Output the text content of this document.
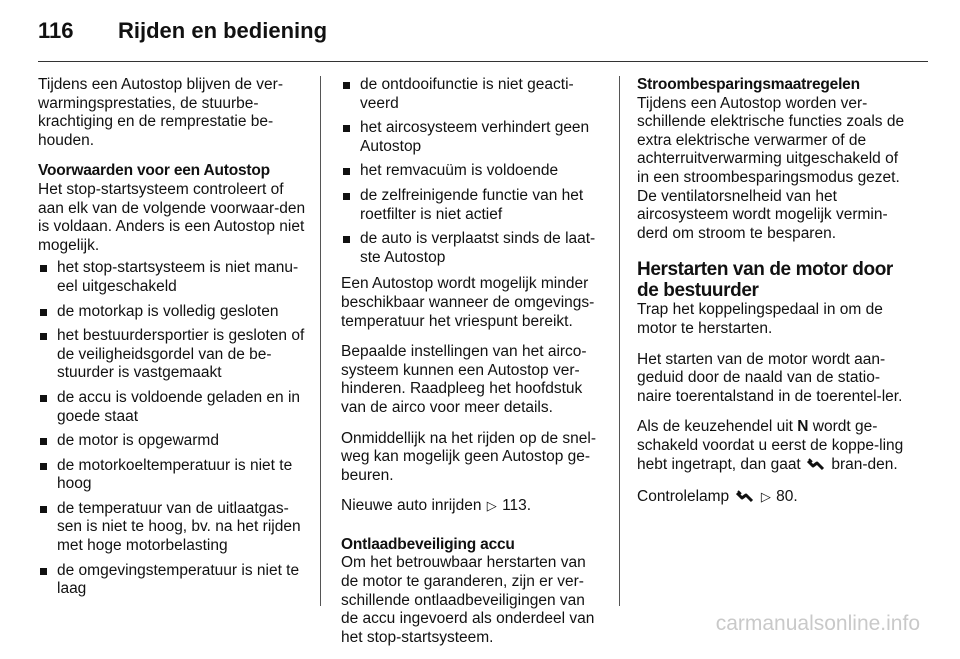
116	Rijden en bediening

Tijdens een Autostop blijven de ver-warmingsprestaties, de stuurbe-krachtiging en de remprestatie be-houden.

Voorwaarden voor een Autostop

Het stop-startsysteem controleert of aan elk van de volgende voorwaar-den is voldaan. Anders is een Autostop niet mogelijk.

het stop-startsysteem is niet manu-eel uitgeschakeld
de motorkap is volledig gesloten
het bestuurdersportier is gesloten of de veiligheidsgordel van de be-stuurder is vastgemaakt
de accu is voldoende geladen en in goede staat
de motor is opgewarmd
de motorkoeltemperatuur is niet te hoog
de temperatuur van de uitlaatgas-sen is niet te hoog, bv. na het rijden met hoge motorbelasting
de omgevingstemperatuur is niet te laag
de ontdooifunctie is niet geacti-veerd
het aircosysteem verhindert geen Autostop
het remvacuüm is voldoende
de zelfreinigende functie van het roetfilter is niet actief
de auto is verplaatst sinds de laat-ste Autostop

Een Autostop wordt mogelijk minder beschikbaar wanneer de omgevings-temperatuur het vriespunt bereikt.

Bepaalde instellingen van het airco-systeem kunnen een Autostop ver-hinderen. Raadpleeg het hoofdstuk van de airco voor meer details.

Onmiddellijk na het rijden op de snel-weg kan mogelijk geen Autostop ge-beuren.

Nieuwe auto inrijden ▷ 113.

Ontlaadbeveiliging accu

Om het betrouwbaar herstarten van de motor te garanderen, zijn er ver-schillende ontlaadbeveiligingen van de accu ingevoerd als onderdeel van het stop-startsysteem.

Stroombesparingsmaatregelen

Tijdens een Autostop worden ver-schillende elektrische functies zoals de extra elektrische verwarmer of de achterruitverwarming uitgeschakeld of in een stroombesparingsmodus gezet. De ventilatorsnelheid van het aircosysteem wordt mogelijk vermin-derd om stroom te besparen.

Herstarten van de motor door de bestuurder

Trap het koppelingspedaal in om de motor te herstarten.

Het starten van de motor wordt aan-geduid door de naald van de statio-naire toerentalstand in de toerentel-ler.

Als de keuzehendel uit N wordt ge-schakeld voordat u eerst de koppe-ling hebt ingetrapt, dan gaat bran-den.

Controlelamp ▷ 80.

carmanualsonline.info
